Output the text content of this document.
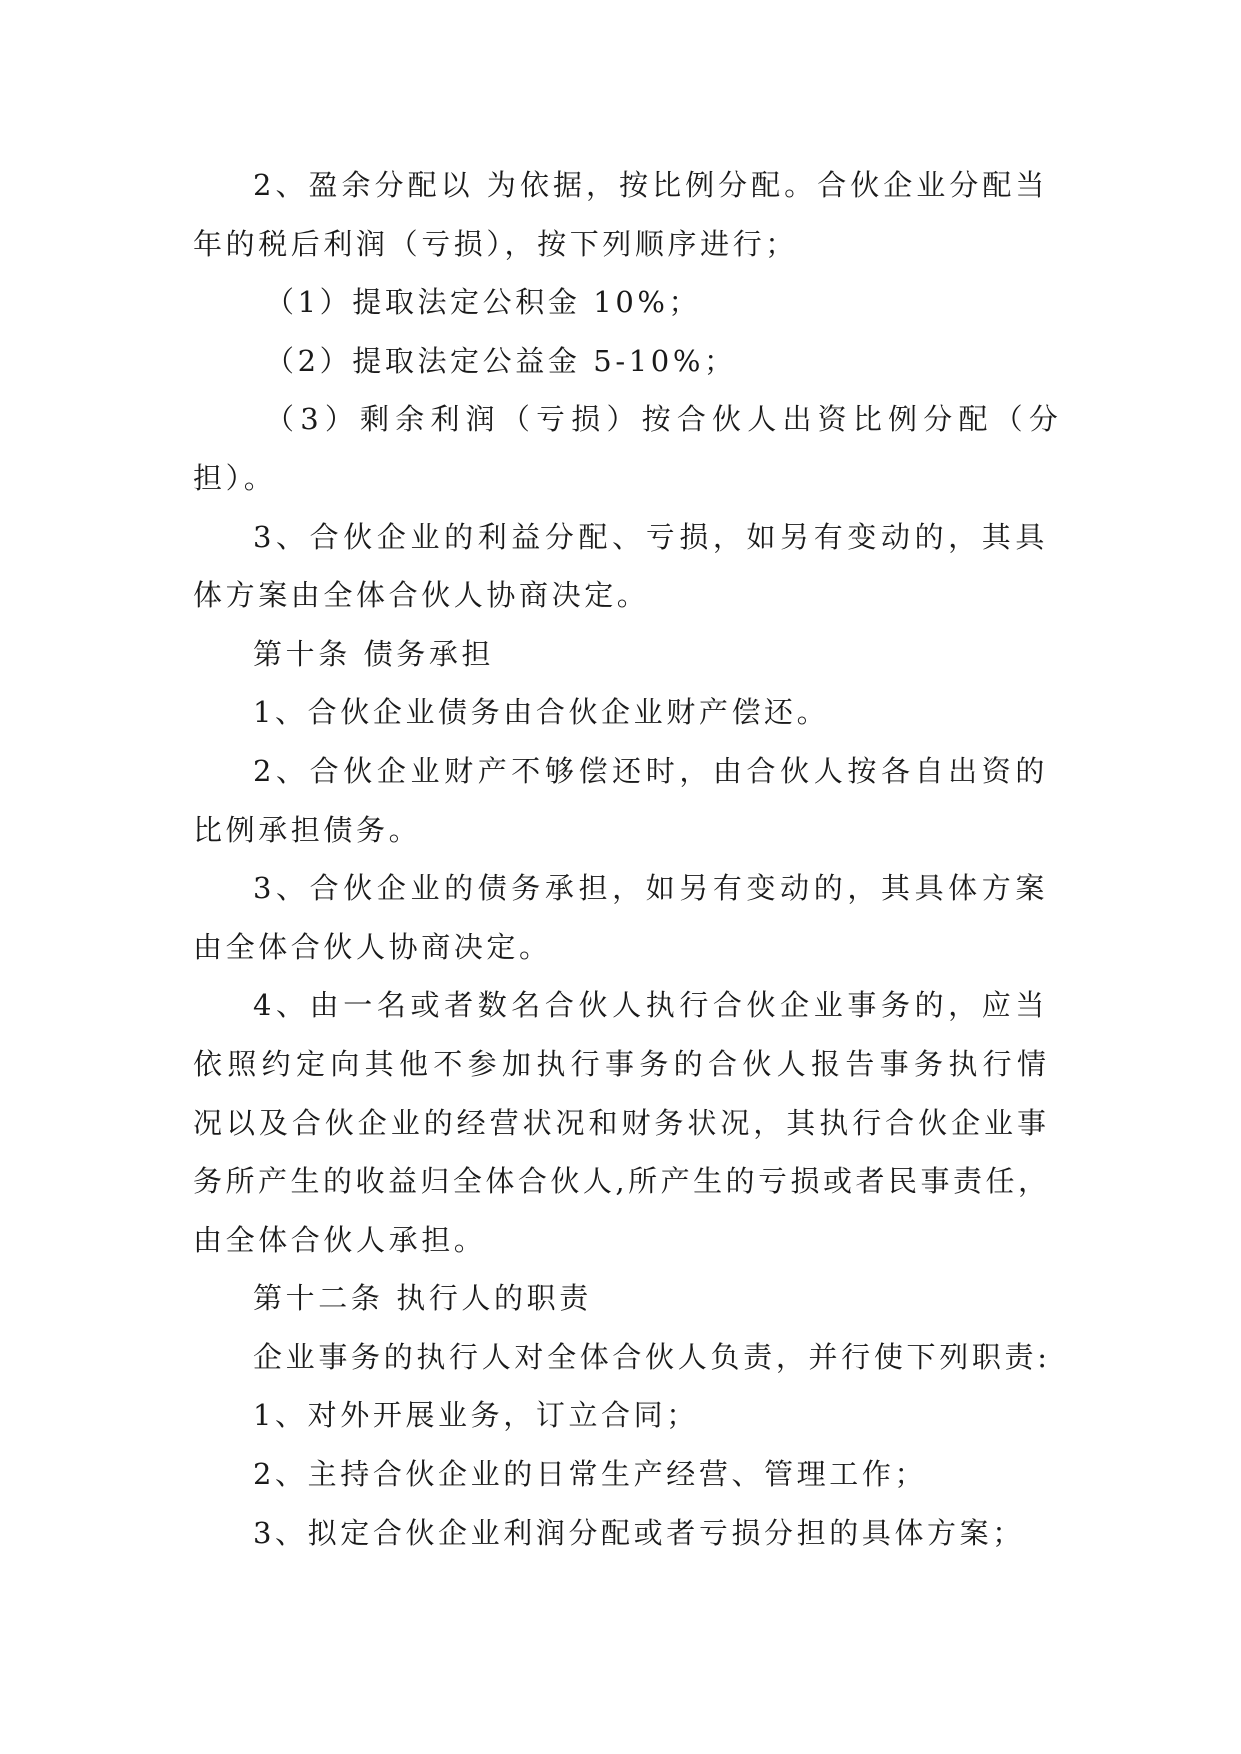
2、盈余分配以 为依据，按比例分配。合伙企业分配当
年的税后利润（亏损），按下列顺序进行；
（1）提取法定公积金 10%；
（2）提取法定公益金 5-10%；
（3）剩余利润（亏损）按合伙人出资比例分配（分
担）。
3、合伙企业的利益分配、亏损，如另有变动的，其具
体方案由全体合伙人协商决定。
第十条 债务承担
1、合伙企业债务由合伙企业财产偿还。
2、合伙企业财产不够偿还时，由合伙人按各自出资的
比例承担债务。
3、合伙企业的债务承担，如另有变动的，其具体方案
由全体合伙人协商决定。
4、由一名或者数名合伙人执行合伙企业事务的，应当
依照约定向其他不参加执行事务的合伙人报告事务执行情
况以及合伙企业的经营状况和财务状况，其执行合伙企业事
务所产生的收益归全体合伙人,所产生的亏损或者民事责任，
由全体合伙人承担。
第十二条 执行人的职责
企业事务的执行人对全体合伙人负责，并行使下列职责:
1、对外开展业务，订立合同；
2、主持合伙企业的日常生产经营、管理工作；
3、拟定合伙企业利润分配或者亏损分担的具体方案；
